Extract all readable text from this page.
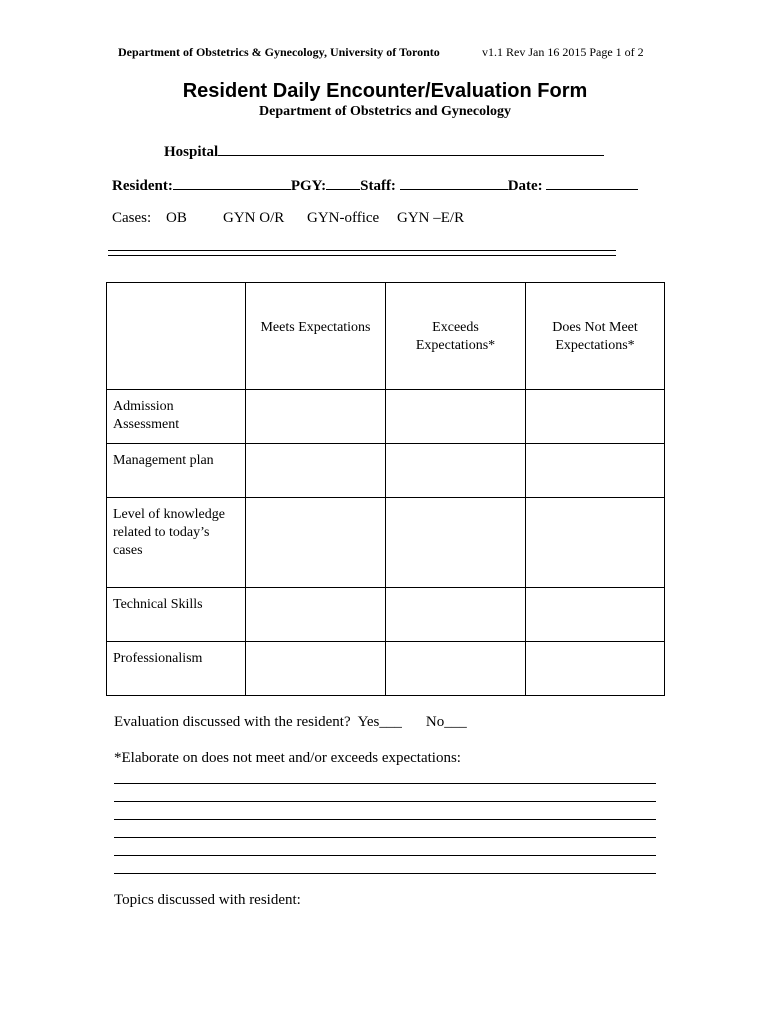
Department of Obstetrics & Gynecology, University of Toronto	v1.1 Rev Jan 16 2015 Page 1 of 2
Resident Daily Encounter/Evaluation Form
Department of Obstetrics and Gynecology
Hospital
Resident:	PGY: Staff:	Date:
Cases: OB GYN O/R GYN-office GYN –E/R
	Meets Expectations	Exceeds Expectations*	Does Not Meet Expectations*
Admission Assessment			
Management plan			
Level of knowledge related to today’s cases			
Technical Skills			
Professionalism			
Evaluation discussed with the resident? Yes___ No___
*Elaborate on does not meet and/or exceeds expectations:
Topics discussed with resident:
